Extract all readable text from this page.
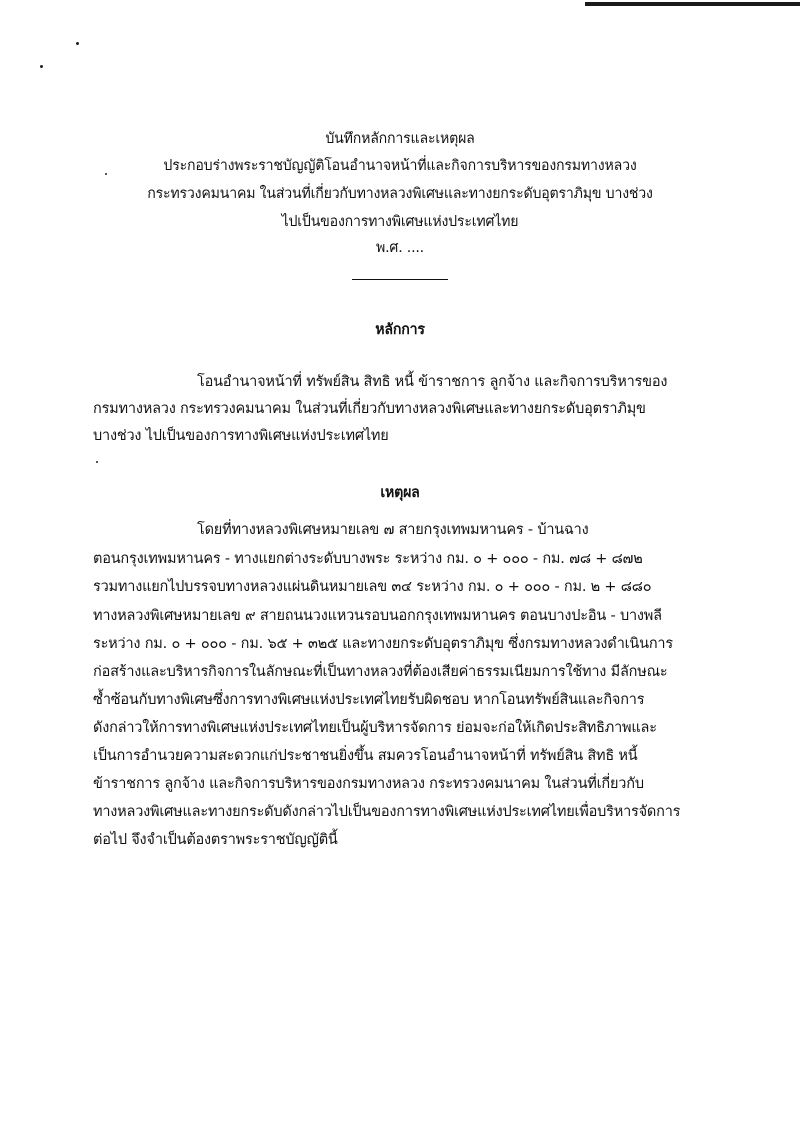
บันทึกหลักการและเหตุผล
ประกอบร่างพระราชบัญญัติโอนอำนาจหน้าที่และกิจการบริหารของกรมทางหลวง
กระทรวงคมนาคม ในส่วนที่เกี่ยวกับทางหลวงพิเศษและทางยกระดับอุตราภิมุข บางช่วง
ไปเป็นของการทางพิเศษแห่งประเทศไทย
พ.ศ. ....
หลักการ
โอนอำนาจหน้าที่ ทรัพย์สิน สิทธิ หนี้ ข้าราชการ ลูกจ้าง และกิจการบริหารของ
กรมทางหลวง กระทรวงคมนาคม ในส่วนที่เกี่ยวกับทางหลวงพิเศษและทางยกระดับอุตราภิมุข
บางช่วง ไปเป็นของการทางพิเศษแห่งประเทศไทย
เหตุผล
โดยที่ทางหลวงพิเศษหมายเลข ๗ สายกรุงเทพมหานคร - บ้านฉาง
ตอนกรุงเทพมหานคร - ทางแยกต่างระดับบางพระ ระหว่าง กม. ๐ + ๐๐๐ - กม. ๗๘ + ๘๗๒
รวมทางแยกไปบรรจบทางหลวงแผ่นดินหมายเลข ๓๔ ระหว่าง กม. ๐ + ๐๐๐ - กม. ๒ + ๘๘๐
ทางหลวงพิเศษหมายเลข ๙ สายถนนวงแหวนรอบนอกกรุงเทพมหานคร ตอนบางปะอิน - บางพลี
ระหว่าง กม. ๐ + ๐๐๐ - กม. ๖๕ + ๓๒๕ และทางยกระดับอุตราภิมุข ซึ่งกรมทางหลวงดำเนินการ
ก่อสร้างและบริหารกิจการในลักษณะที่เป็นทางหลวงที่ต้องเสียค่าธรรมเนียมการใช้ทาง มีลักษณะ
ซ้ำซ้อนกับทางพิเศษซึ่งการทางพิเศษแห่งประเทศไทยรับผิดชอบ หากโอนทรัพย์สินและกิจการ
ดังกล่าวให้การทางพิเศษแห่งประเทศไทยเป็นผู้บริหารจัดการ ย่อมจะก่อให้เกิดประสิทธิภาพและ
เป็นการอำนวยความสะดวกแก่ประชาชนยิ่งขึ้น สมควรโอนอำนาจหน้าที่ ทรัพย์สิน สิทธิ หนี้
ข้าราชการ ลูกจ้าง และกิจการบริหารของกรมทางหลวง กระทรวงคมนาคม ในส่วนที่เกี่ยวกับ
ทางหลวงพิเศษและทางยกระดับดังกล่าวไปเป็นของการทางพิเศษแห่งประเทศไทยเพื่อบริหารจัดการ
ต่อไป จึงจำเป็นต้องตราพระราชบัญญัตินี้
